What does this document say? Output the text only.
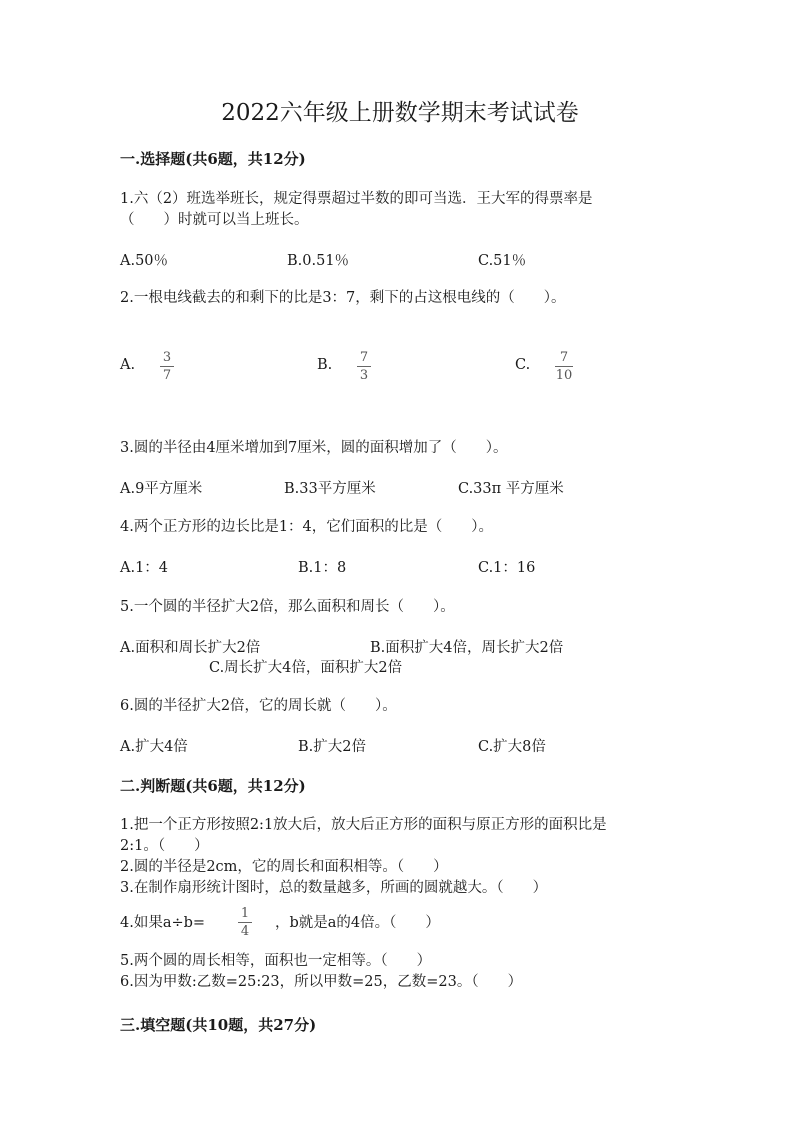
2022六年级上册数学期末考试试卷
一.选择题(共6题，共12分)
1.六（2）班选举班长，规定得票超过半数的即可当选．王大军的得票率是
（　　）时就可以当上班长。
A.50％	B.0.51％	C.51％
2.一根电线截去的和剩下的比是3：7，剩下的占这根电线的（　　）。
A. 3
7
B. 7
3
C. 7
10
3.圆的半径由4厘米增加到7厘米，圆的面积增加了（　　）。
A.9平方厘米	B.33平方厘米	C.33π 平方厘米
4.两个正方形的边长比是1：4，它们面积的比是（　　）。
A.1：4	B.1：8	C.1：16
5.一个圆的半径扩大2倍，那么面积和周长（　　）。
A.面积和周长扩大2倍	B.面积扩大4倍，周长扩大2倍
C.周长扩大4倍，面积扩大2倍
6.圆的半径扩大2倍，它的周长就（　　）。
A.扩大4倍	B.扩大2倍	C.扩大8倍
二.判断题(共6题，共12分)
1.把一个正方形按照2:1放大后，放大后正方形的面积与原正方形的面积比是
2:1。（　　）
2.圆的半径是2cm，它的周长和面积相等。（　　）
3.在制作扇形统计图时，总的数量越多，所画的圆就越大。（　　）
4.如果a÷b=
1
4
，b就是a的4倍。（　　）
5.两个圆的周长相等，面积也一定相等。（　　）
6.因为甲数:乙数=25:23，所以甲数=25，乙数=23。（　　）
三.填空题(共10题，共27分)
